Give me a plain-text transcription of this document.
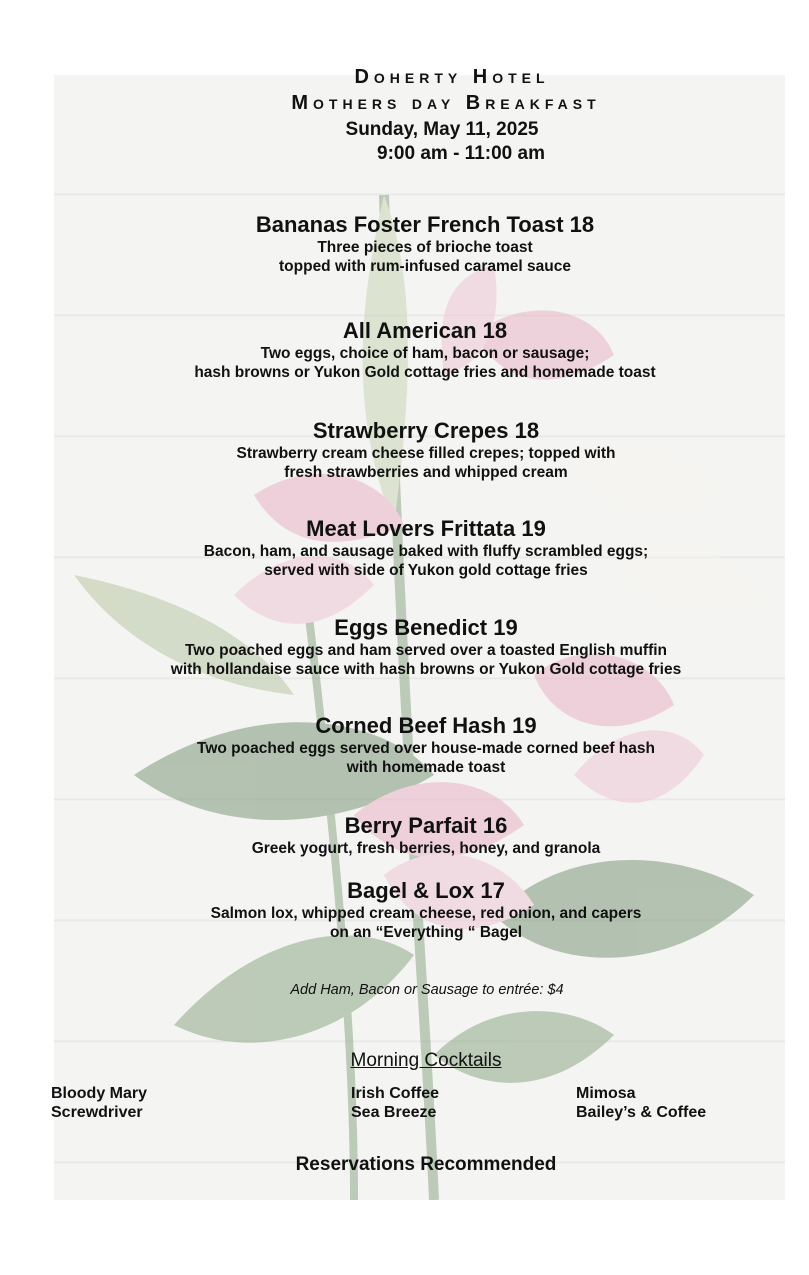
Doherty Hotel
Mothers day Breakfast
Sunday, May 11, 2025
9:00 am - 11:00 am
Bananas Foster French Toast 18
Three pieces of brioche toast
topped with rum-infused caramel sauce
All American 18
Two eggs, choice of ham, bacon or sausage;
hash browns or Yukon Gold cottage fries and homemade toast
Strawberry Crepes 18
Strawberry cream cheese filled crepes; topped with
fresh strawberries and whipped cream
Meat Lovers Frittata 19
Bacon, ham, and sausage baked with fluffy scrambled eggs;
served with side of Yukon gold cottage fries
Eggs Benedict 19
Two poached eggs and ham served over a toasted English muffin
with hollandaise sauce with hash browns or Yukon Gold cottage fries
Corned Beef Hash 19
Two poached eggs served over house-made corned beef hash
with homemade toast
Berry Parfait 16
Greek yogurt, fresh berries, honey, and granola
Bagel & Lox 17
Salmon lox, whipped cream cheese, red onion, and capers
on an “Everything “ Bagel
Add Ham, Bacon or Sausage to entrée: $4
Morning Cocktails
Bloody Mary
Screwdriver
Irish Coffee
Sea Breeze
Mimosa
Bailey’s & Coffee
Reservations Recommended
